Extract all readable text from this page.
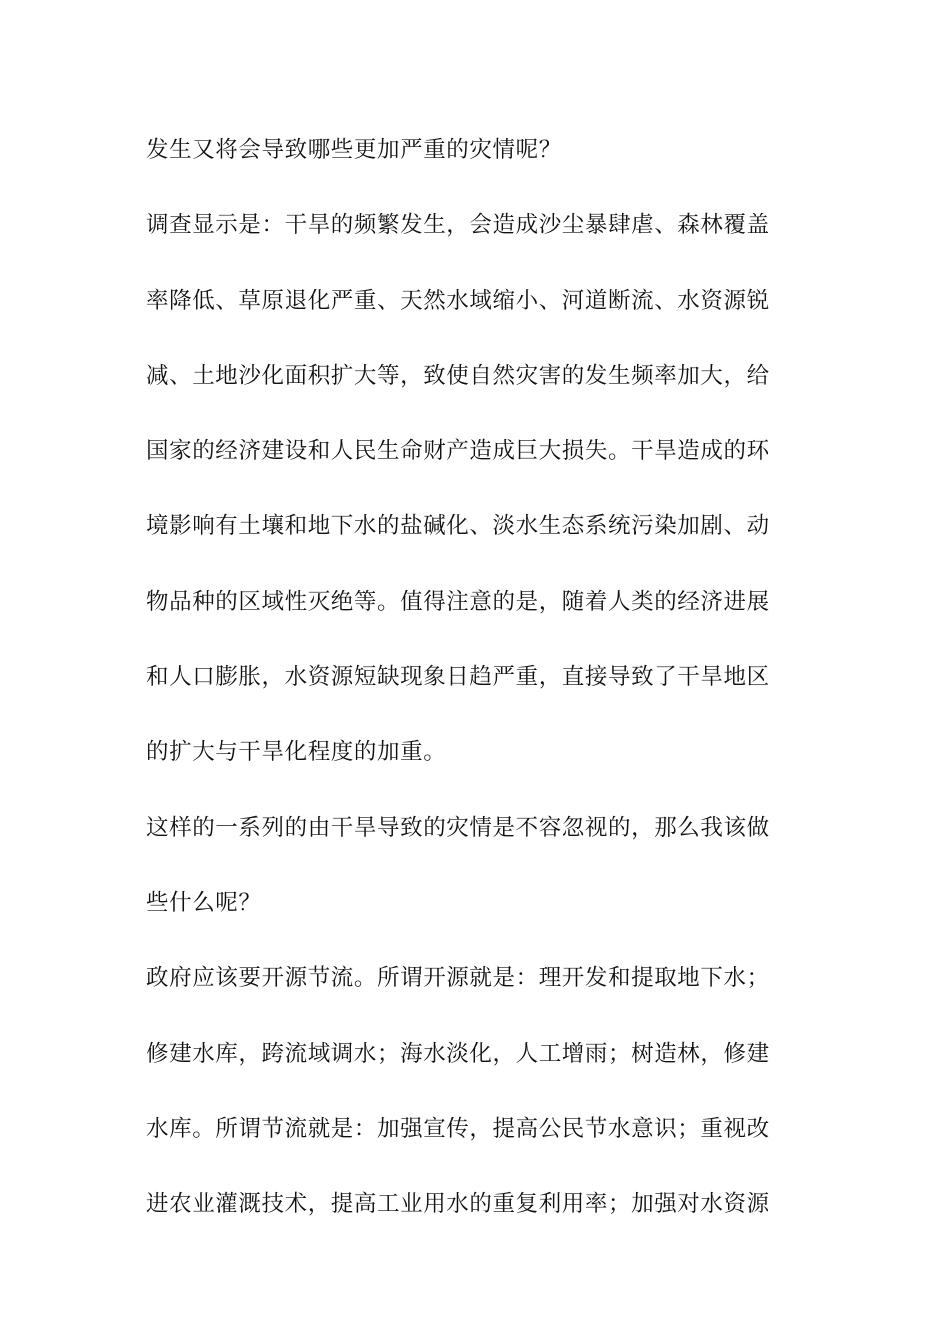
发生又将会导致哪些更加严重的灾情呢？
调查显示是：干旱的频繁发生，会造成沙尘暴肆虐、森林覆盖
率降低、草原退化严重、天然水域缩小、河道断流、水资源锐
减、土地沙化面积扩大等，致使自然灾害的发生频率加大，给
国家的经济建设和人民生命财产造成巨大损失。干旱造成的环
境影响有土壤和地下水的盐碱化、淡水生态系统污染加剧、动
物品种的区域性灭绝等。值得注意的是，随着人类的经济进展
和人口膨胀，水资源短缺现象日趋严重，直接导致了干旱地区
的扩大与干旱化程度的加重。
这样的一系列的由干旱导致的灾情是不容忽视的，那么我该做
些什么呢？
政府应该要开源节流。所谓开源就是：理开发和提取地下水；
修建水库，跨流域调水；海水淡化，人工增雨；树造林，修建
水库。所谓节流就是：加强宣传，提高公民节水意识；重视改
进农业灌溉技术，提高工业用水的重复利用率；加强对水资源
